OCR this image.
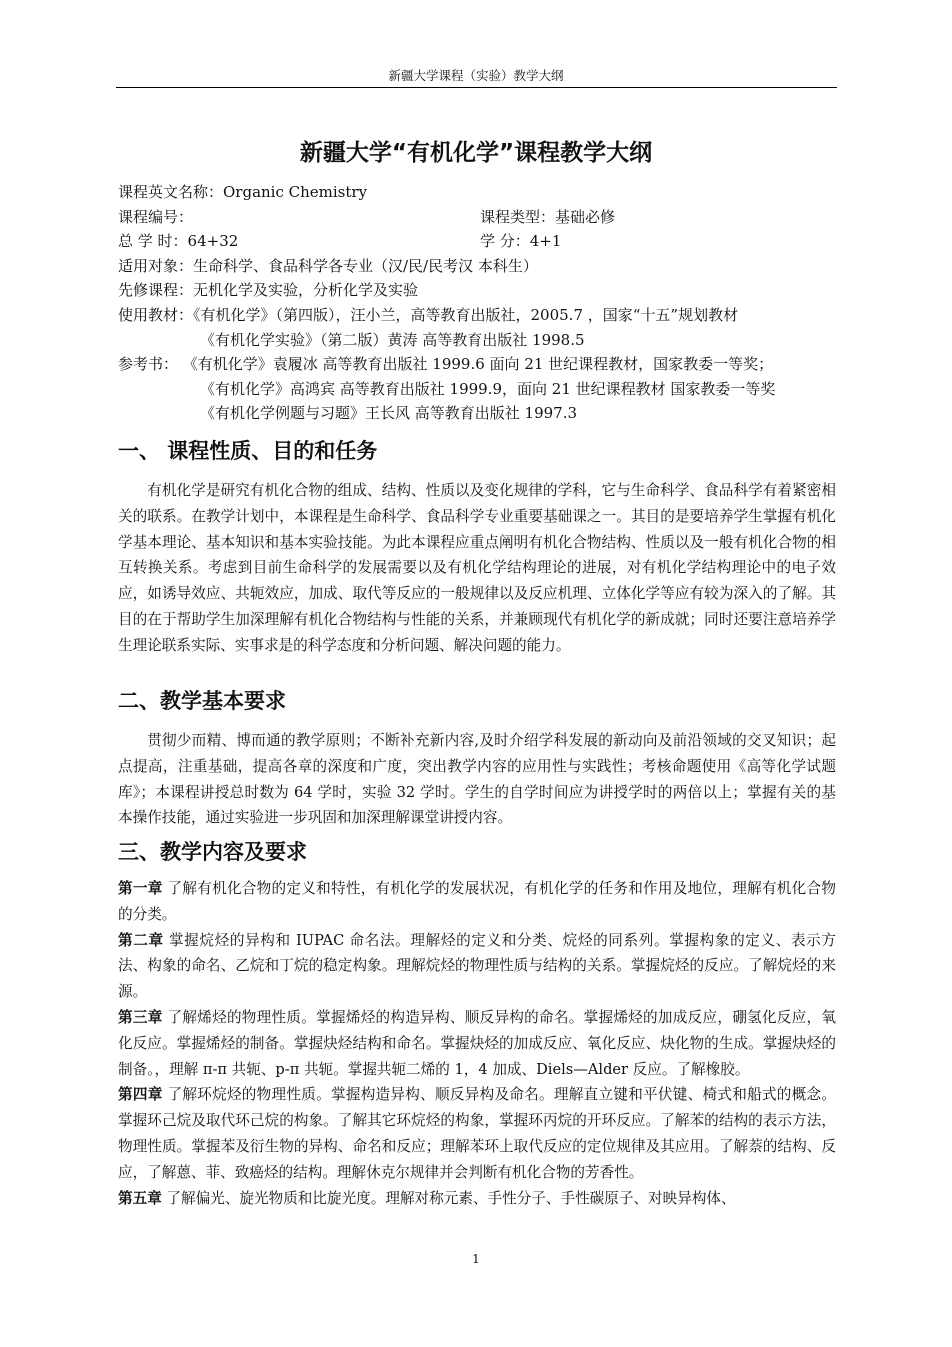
新疆大学课程（实验）教学大纲
新疆大学“有机化学”课程教学大纲
课程英文名称：Organic Chemistry
课程编号：	课程类型：基础必修
总 学 时：64+32	学 分：4+1
适用对象：生命科学、食品科学各专业（汉/民/民考汉 本科生）
先修课程：无机化学及实验，分析化学及实验
使用教材：《有机化学》（第四版），汪小兰，高等教育出版社，2005.7 ，国家“十五”规划教材
《有机化学实验》（第二版）黄涛 高等教育出版社 1998.5
参考书： 《有机化学》袁履冰 高等教育出版社 1999.6 面向 21 世纪课程教材，国家教委一等奖；
《有机化学》高鸿宾 高等教育出版社 1999.9，面向 21 世纪课程教材 国家教委一等奖
《有机化学例题与习题》王长风 高等教育出版社 1997.3
一、 课程性质、目的和任务

有机化学是研究有机化合物的组成、结构、性质以及变化规律的学科，它与生命科学、食品科学有着紧密相关的联系。在教学计划中，本课程是生命科学、食品科学专业重要基础课之一。其目的是要培养学生掌握有机化学基本理论、基本知识和基本实验技能。为此本课程应重点阐明有机化合物结构、性质以及一般有机化合物的相互转换关系。考虑到目前生命科学的发展需要以及有机化学结构理论的进展，对有机化学结构理论中的电子效应，如诱导效应、共轭效应，加成、取代等反应的一般规律以及反应机理、立体化学等应有较为深入的了解。其目的在于帮助学生加深理解有机化合物结构与性能的关系，并兼顾现代有机化学的新成就；同时还要注意培养学生理论联系实际、实事求是的科学态度和分析问题、解决问题的能力。

二、教学基本要求

贯彻少而精、博而通的教学原则；不断补充新内容,及时介绍学科发展的新动向及前沿领域的交叉知识；起点提高，注重基础，提高各章的深度和广度，突出教学内容的应用性与实践性；考核命题使用《高等化学试题库》；本课程讲授总时数为 64 学时，实验 32 学时。学生的自学时间应为讲授学时的两倍以上；掌握有关的基本操作技能，通过实验进一步巩固和加深理解课堂讲授内容。

三、教学内容及要求

第一章 了解有机化合物的定义和特性，有机化学的发展状况，有机化学的任务和作用及地位，理解有机化合物的分类。

第二章 掌握烷烃的异构和 IUPAC 命名法。理解烃的定义和分类、烷烃的同系列。掌握构象的定义、表示方法、构象的命名、乙烷和丁烷的稳定构象。理解烷烃的物理性质与结构的关系。掌握烷烃的反应。了解烷烃的来源。

第三章 了解烯烃的物理性质。掌握烯烃的构造异构、顺反异构的命名。掌握烯烃的加成反应，硼氢化反应，氧化反应。掌握烯烃的制备。掌握炔烃结构和命名。掌握炔烃的加成反应、氧化反应、炔化物的生成。掌握炔烃的制备。，理解 π-π 共轭、p-π 共轭。掌握共轭二烯的 1，4 加成、Diels—Alder 反应。了解橡胶。

第四章 了解环烷烃的物理性质。掌握构造异构、顺反异构及命名。理解直立键和平伏键、椅式和船式的概念。掌握环己烷及取代环己烷的构象。了解其它环烷烃的构象，掌握环丙烷的开环反应。了解苯的结构的表示方法，物理性质。掌握苯及衍生物的异构、命名和反应；理解苯环上取代反应的定位规律及其应用。了解萘的结构、反应，了解蒽、菲、致癌烃的结构。理解休克尔规律并会判断有机化合物的芳香性。

第五章 了解偏光、旋光物质和比旋光度。理解对称元素、手性分子、手性碳原子、对映异构体、

1
